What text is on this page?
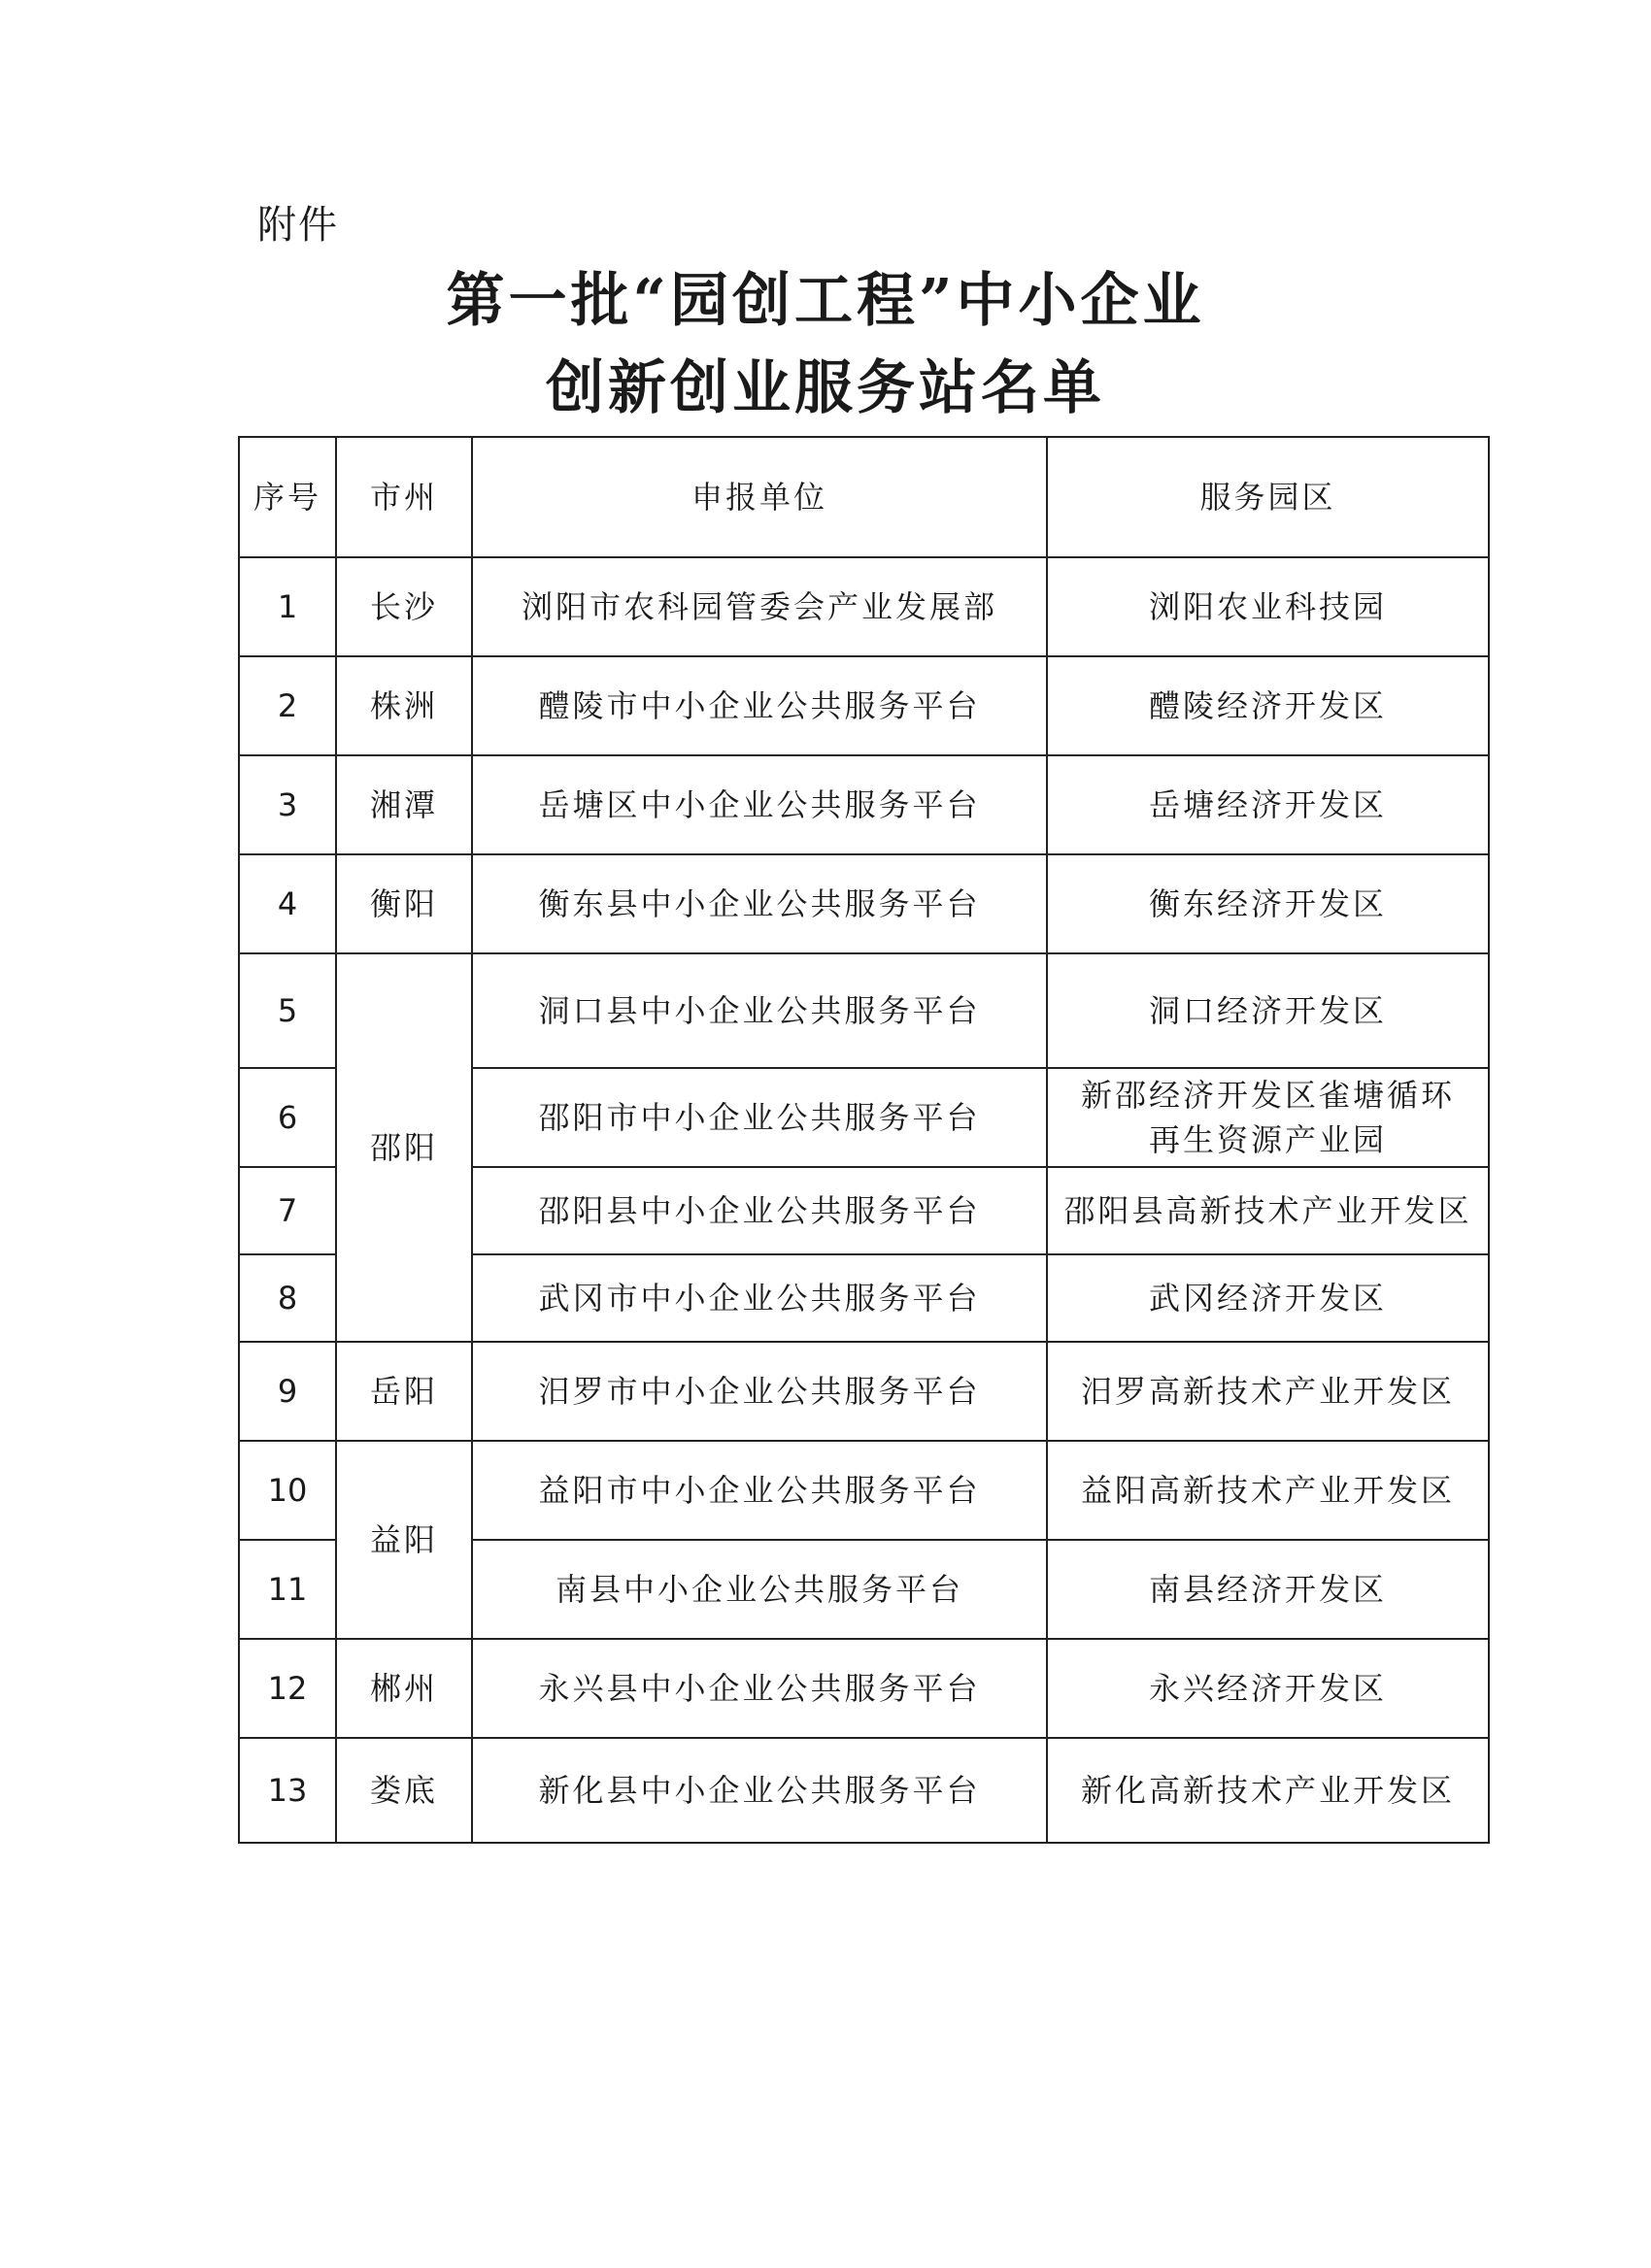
附件
第一批“园创工程”中小企业
创新创业服务站名单
序号	市州	申报单位	服务园区
1	长沙	浏阳市农科园管委会产业发展部	浏阳农业科技园
2	株洲	醴陵市中小企业公共服务平台	醴陵经济开发区
3	湘潭	岳塘区中小企业公共服务平台	岳塘经济开发区
4	衡阳	衡东县中小企业公共服务平台	衡东经济开发区
5	邵阳	洞口县中小企业公共服务平台	洞口经济开发区
6		邵阳市中小企业公共服务平台	新邵经济开发区雀塘循环
再生资源产业园

7		邵阳县中小企业公共服务平台	邵阳县高新技术产业开发区
8		武冈市中小企业公共服务平台	武冈经济开发区
9	岳阳	汨罗市中小企业公共服务平台	汨罗高新技术产业开发区
10	益阳	益阳市中小企业公共服务平台	益阳高新技术产业开发区
11		南县中小企业公共服务平台	南县经济开发区
12	郴州	永兴县中小企业公共服务平台	永兴经济开发区
13	娄底	新化县中小企业公共服务平台	新化高新技术产业开发区
